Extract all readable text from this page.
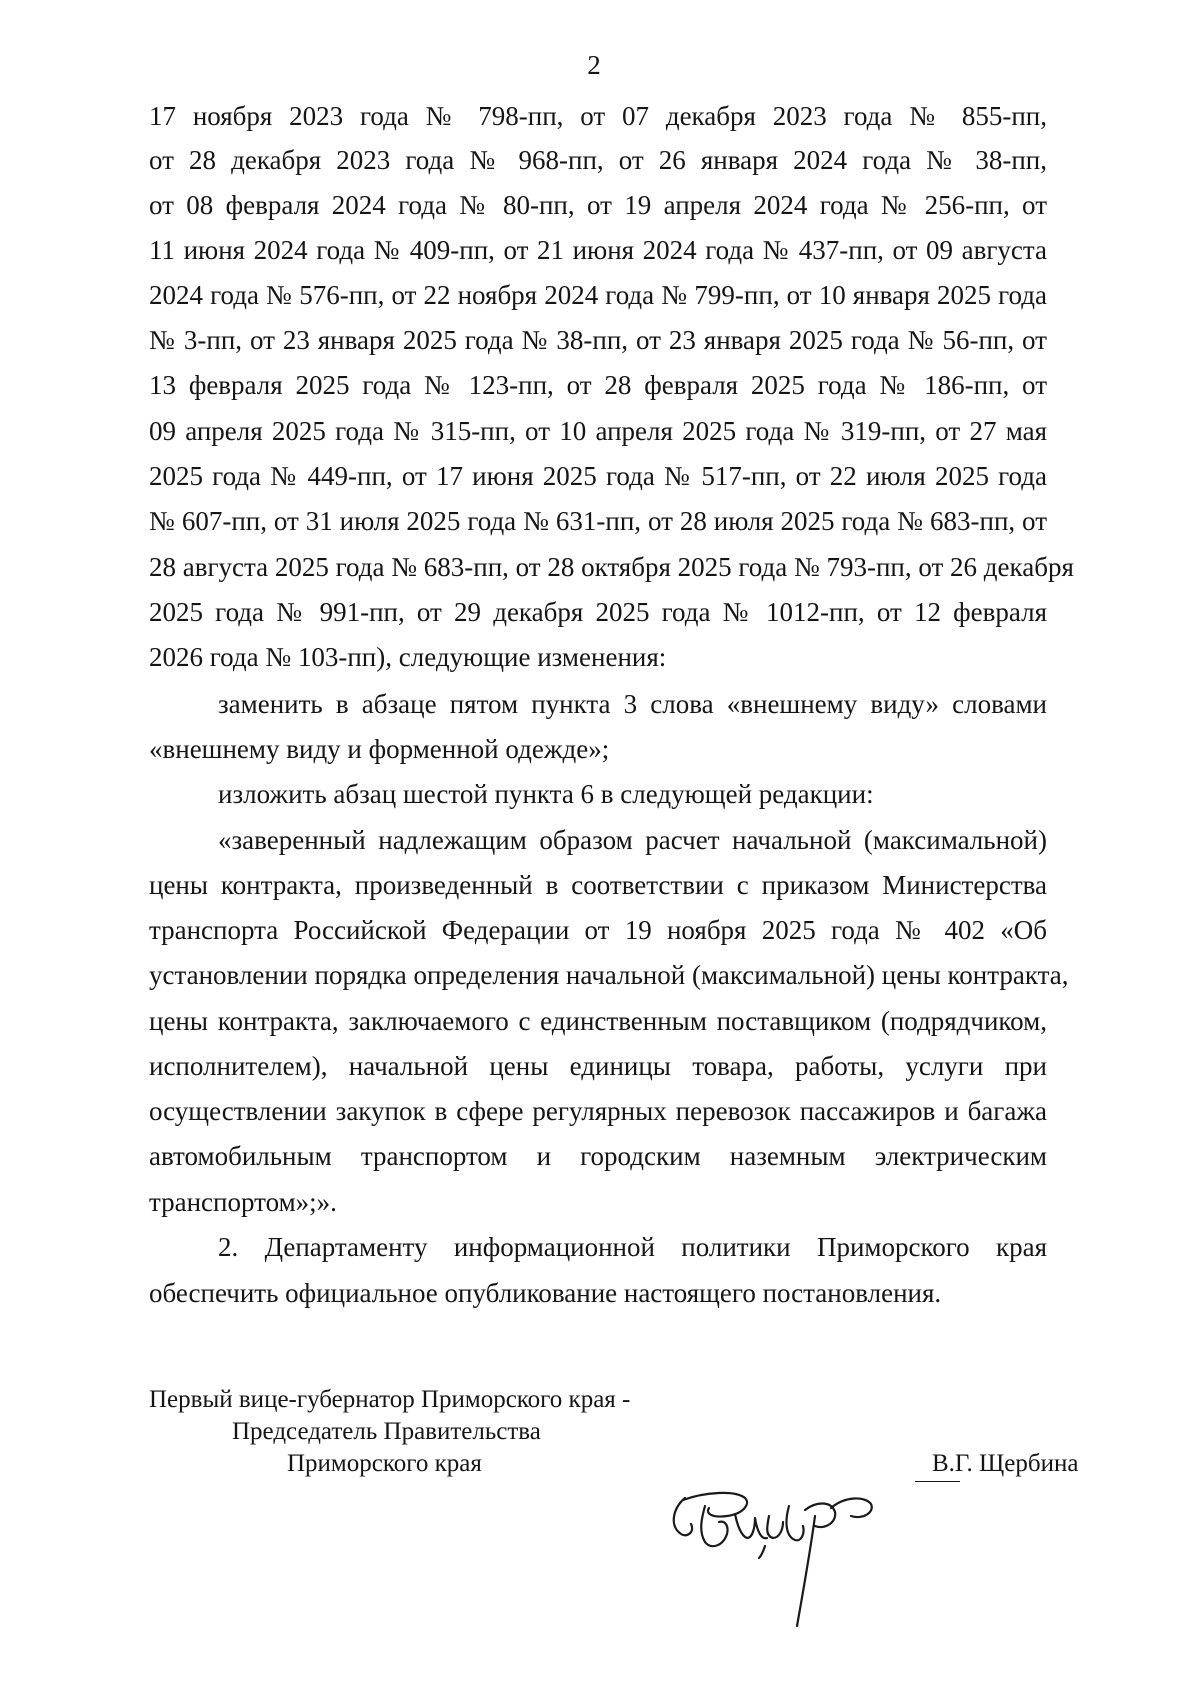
2
17 ноября 2023 года № 798-пп, от 07 декабря 2023 года № 855-пп,
от 28 декабря 2023 года № 968-пп, от 26 января 2024 года № 38-пп,
от 08 февраля 2024 года № 80-пп, от 19 апреля 2024 года № 256-пп, от
11 июня 2024 года № 409-пп, от 21 июня 2024 года № 437-пп, от 09 августа
2024 года № 576-пп, от 22 ноября 2024 года № 799-пп, от 10 января 2025 года
№ 3-пп, от 23 января 2025 года № 38-пп, от 23 января 2025 года № 56-пп, от
13 февраля 2025 года № 123-пп, от 28 февраля 2025 года № 186-пп, от
09 апреля 2025 года № 315-пп, от 10 апреля 2025 года № 319-пп, от 27 мая
2025 года № 449-пп, от 17 июня 2025 года № 517-пп, от 22 июля 2025 года
№ 607-пп, от 31 июля 2025 года № 631-пп, от 28 июля 2025 года № 683-пп, от
28 августа 2025 года № 683-пп, от 28 октября 2025 года № 793-пп, от 26 декабря
2025 года № 991-пп, от 29 декабря 2025 года № 1012-пп, от 12 февраля
2026 года № 103-пп), следующие изменения:
заменить в абзаце пятом пункта 3 слова «внешнему виду» словами
«внешнему виду и форменной одежде»;
изложить абзац шестой пункта 6 в следующей редакции:
«заверенный надлежащим образом расчет начальной (максимальной)
цены контракта, произведенный в соответствии с приказом Министерства
транспорта Российской Федерации от 19 ноября 2025 года № 402 «Об
установлении порядка определения начальной (максимальной) цены контракта,
цены контракта, заключаемого с единственным поставщиком (подрядчиком,
исполнителем), начальной цены единицы товара, работы, услуги при
осуществлении закупок в сфере регулярных перевозок пассажиров и багажа
автомобильным транспортом и городским наземным электрическим
транспортом»;».
2. Департаменту информационной политики Приморского края
обеспечить официальное опубликование настоящего постановления.
Первый вице-губернатор Приморского края -
Председатель Правительства
Приморского края	В.Г. Щербина
